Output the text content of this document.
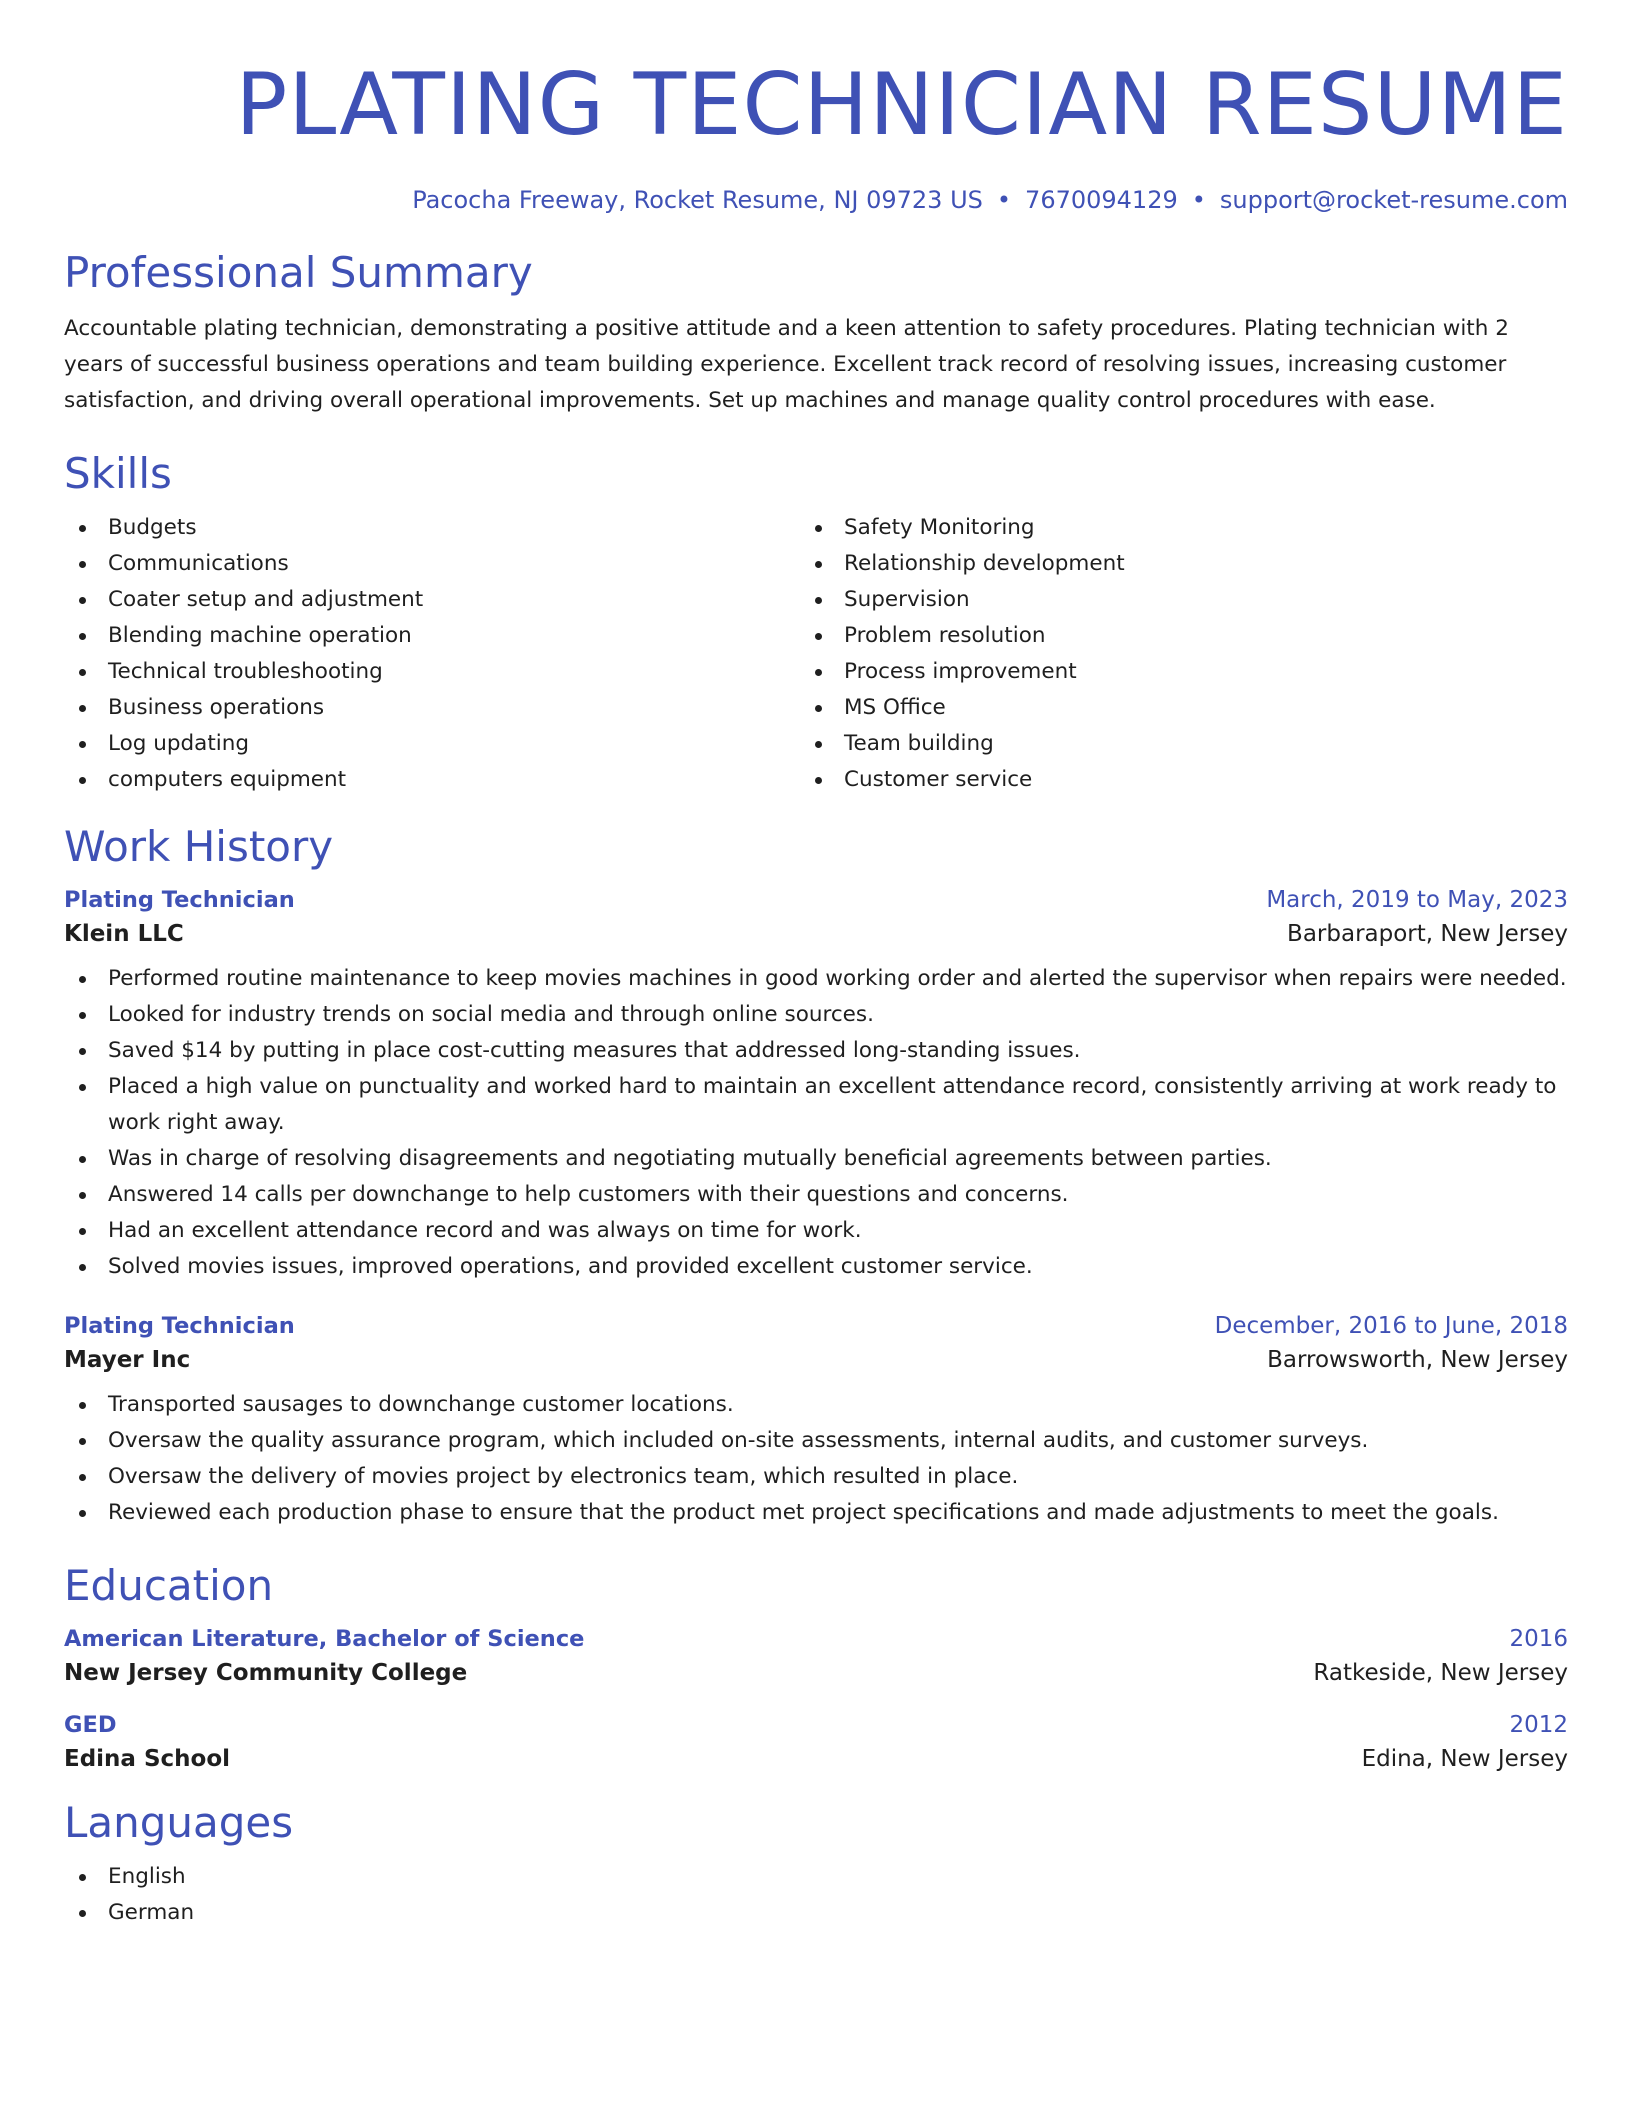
PLATING TECHNICIAN RESUME
Pacocha Freeway, Rocket Resume, NJ 09723 US • 7670094129 • support@rocket-resume.com
Professional Summary
Accountable plating technician, demonstrating a positive attitude and a keen attention to safety procedures. Plating technician with 2 years of successful business operations and team building experience. Excellent track record of resolving issues, increasing customer satisfaction, and driving overall operational improvements. Set up machines and manage quality control procedures with ease.
Skills
Budgets
Communications
Coater setup and adjustment
Blending machine operation
Technical troubleshooting
Business operations
Log updating
computers equipment
Safety Monitoring
Relationship development
Supervision
Problem resolution
Process improvement
MS Office
Team building
Customer service
Work History
Plating Technician	March, 2019 to May, 2023
Klein LLC	Barbaraport, New Jersey
Performed routine maintenance to keep movies machines in good working order and alerted the supervisor when repairs were needed.
Looked for industry trends on social media and through online sources.
Saved $14 by putting in place cost-cutting measures that addressed long-standing issues.
Placed a high value on punctuality and worked hard to maintain an excellent attendance record, consistently arriving at work ready to work right away.
Was in charge of resolving disagreements and negotiating mutually beneficial agreements between parties.
Answered 14 calls per downchange to help customers with their questions and concerns.
Had an excellent attendance record and was always on time for work.
Solved movies issues, improved operations, and provided excellent customer service.
Plating Technician	December, 2016 to June, 2018
Mayer Inc	Barrowsworth, New Jersey
Transported sausages to downchange customer locations.
Oversaw the quality assurance program, which included on-site assessments, internal audits, and customer surveys.
Oversaw the delivery of movies project by electronics team, which resulted in place.
Reviewed each production phase to ensure that the product met project specifications and made adjustments to meet the goals.
Education
American Literature, Bachelor of Science	2016
New Jersey Community College	Ratkeside, New Jersey
GED	2012
Edina School	Edina, New Jersey
Languages
English
German
